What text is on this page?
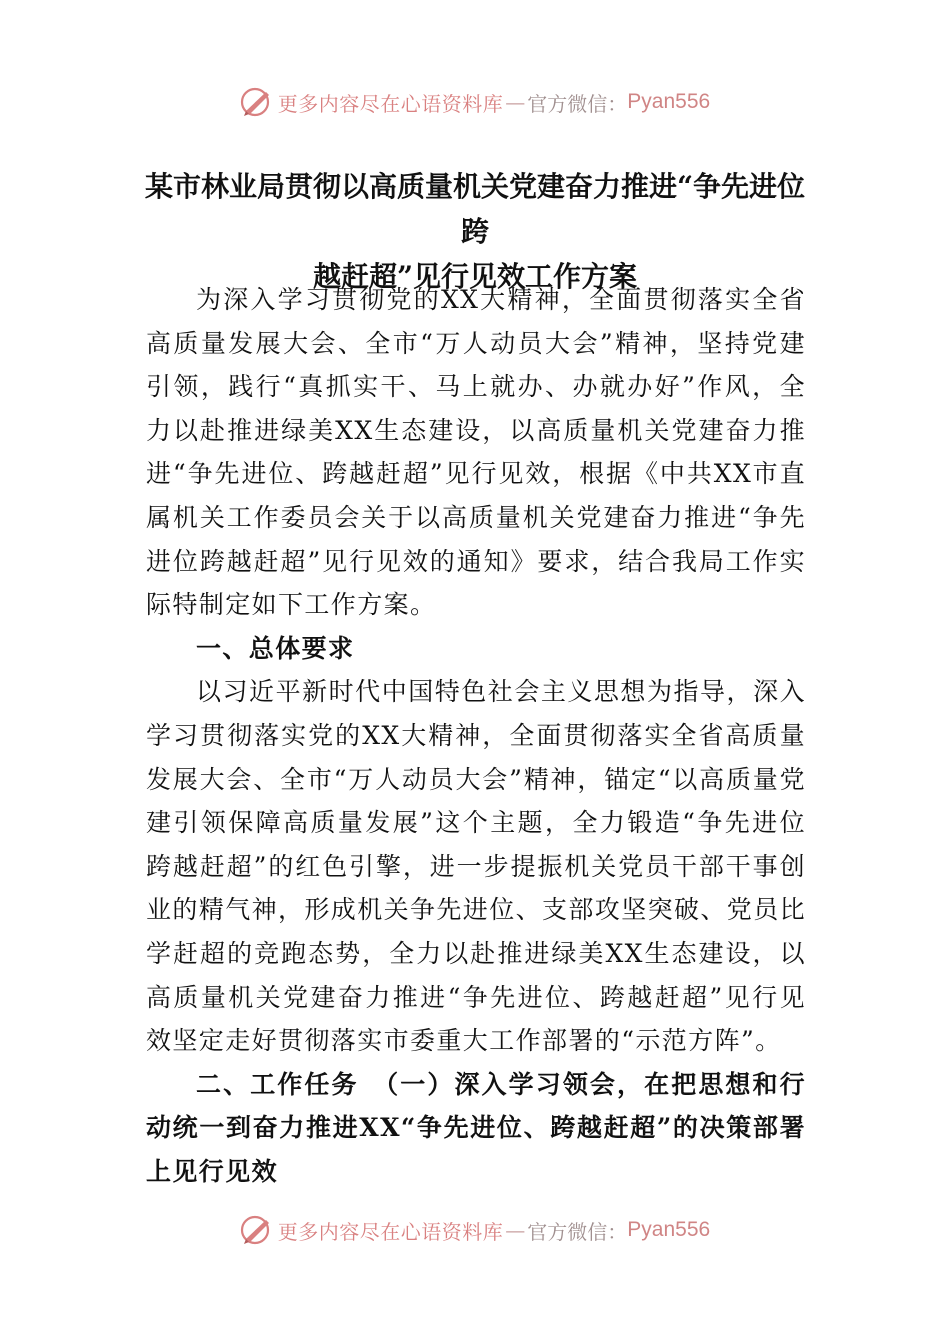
更多内容尽在心语资料库 — 官方微信： Pyan556
某市林业局贯彻以高质量机关党建奋力推进“争先进位跨
越赶超”见行见效工作方案

为深入学习贯彻党的XX大精神，全面贯彻落实全省高质量发展大会、全市“万人动员大会”精神，坚持党建引领，践行“真抓实干、马上就办、办就办好”作风，全力以赴推进绿美XX生态建设，以高质量机关党建奋力推进“争先进位、跨越赶超”见行见效，根据《中共XX市直属机关工作委员会关于以高质量机关党建奋力推进“争先进位跨越赶超”见行见效的通知》要求，结合我局工作实际特制定如下工作方案。

一、总体要求

以习近平新时代中国特色社会主义思想为指导，深入学习贯彻落实党的XX大精神，全面贯彻落实全省高质量发展大会、全市“万人动员大会”精神，锚定“以高质量党建引领保障高质量发展”这个主题，全力锻造“争先进位跨越赶超”的红色引擎，进一步提振机关党员干部干事创业的精气神，形成机关争先进位、支部攻坚突破、党员比学赶超的竞跑态势，全力以赴推进绿美XX生态建设，以高质量机关党建奋力推进“争先进位、跨越赶超”见行见效坚定走好贯彻落实市委重大工作部署的“示范方阵”。

二、工作任务　（一）深入学习领会，在把思想和行动统一到奋力推进XX“争先进位、跨越赶超”的决策部署上见行见效

更多内容尽在心语资料库 — 官方微信： Pyan556
